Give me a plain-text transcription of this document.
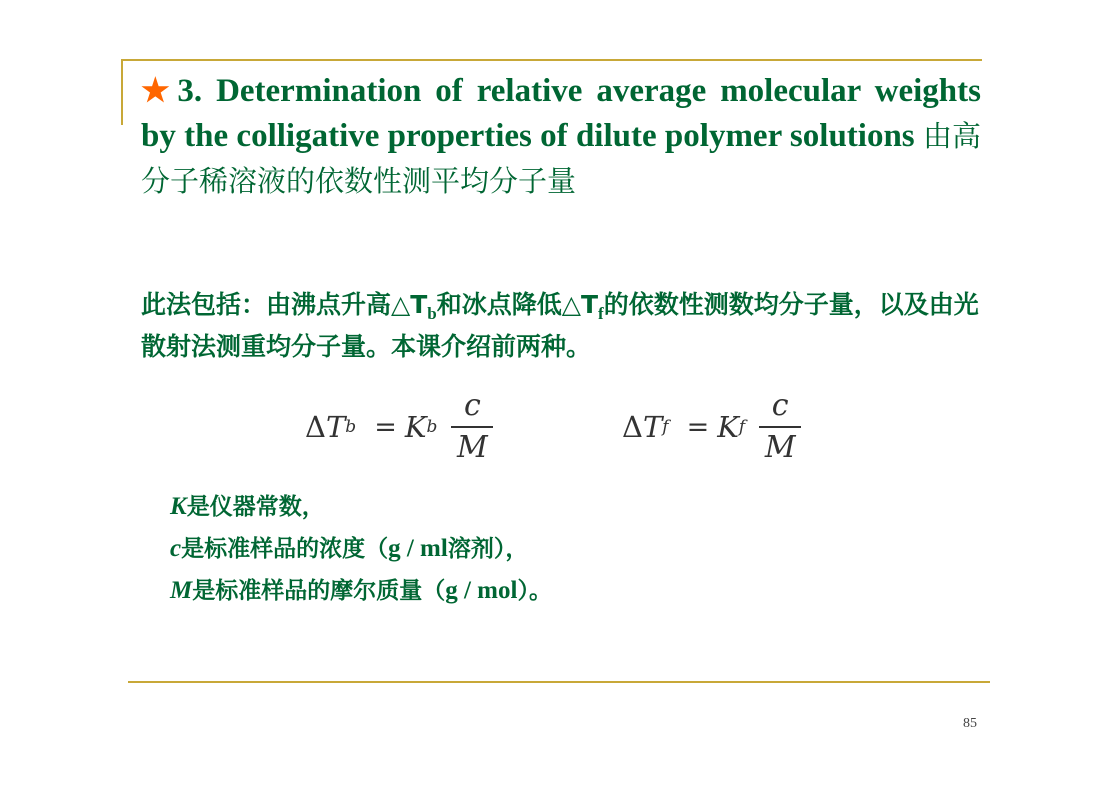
★3. Determination of relative average molecular weights by the colligative properties of dilute polymer solutions 由高分子稀溶液的依数性测平均分子量

此法包括：由沸点升高$\triangle T_b$和冰点降低$\triangle T_f$的依数性测数均分子量，以及由光散射法测重均分子量。本课介绍前两种。

Δ T b = K b $\frac{c}{M}$	Δ T f = K f $\frac{c}{M}$
K是仪器常数，
c是标准样品的浓度（g / ml溶剂），
M是标准样品的摩尔质量（g / mol）。
85
